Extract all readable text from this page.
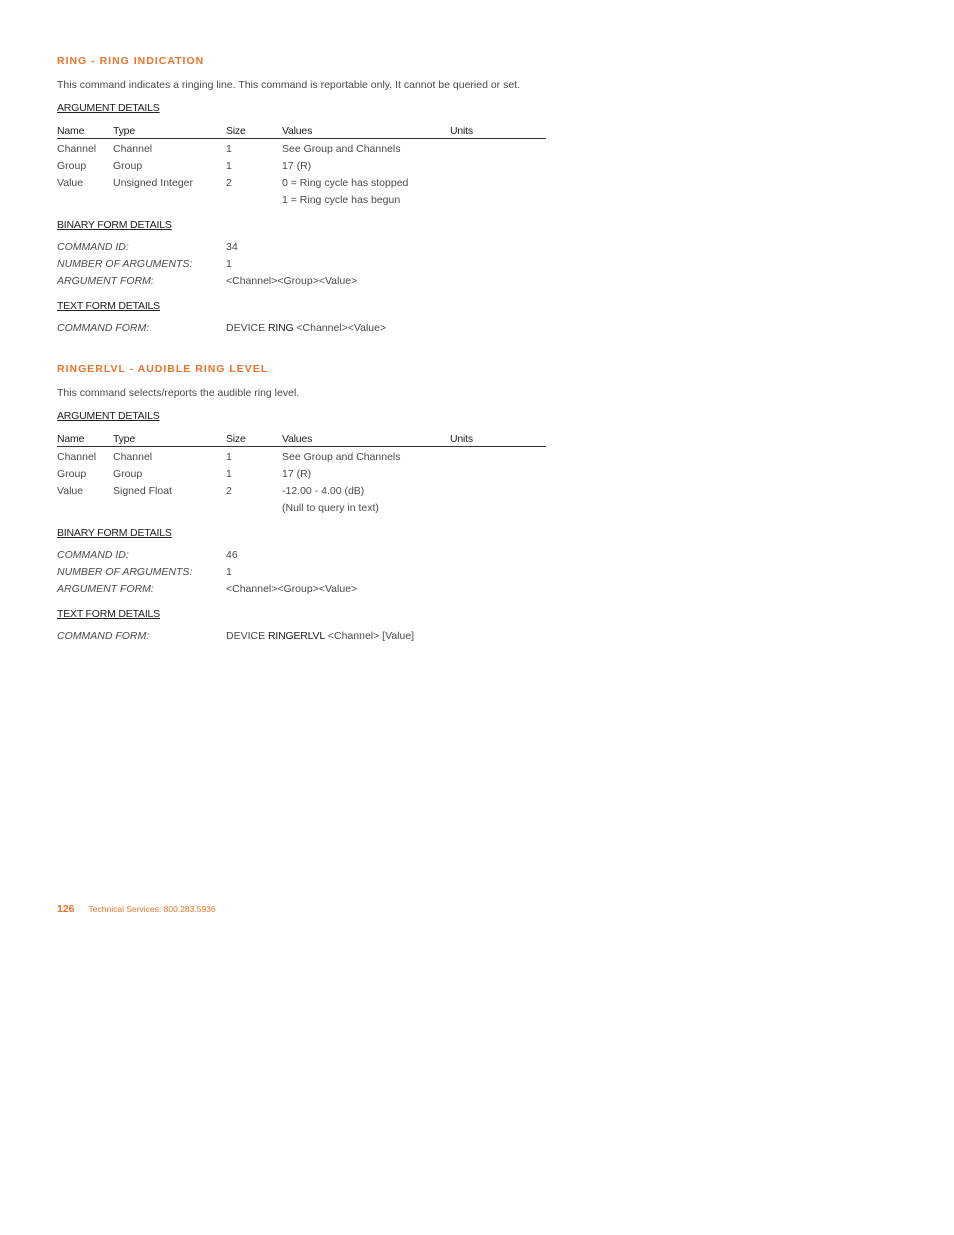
RING - RING INDICATION
This command indicates a ringing line. This command is reportable only. It cannot be queried or set.
ARGUMENT DETAILS
Name	Type	Size	Values	Units
Channel	Channel	1	See Group and Channels	
Group	Group	1	17 (R)	
Value	Unsigned Integer	2	0 = Ring cycle has stopped	
			1 = Ring cycle has begun	
BINARY FORM DETAILS
COMMAND ID:	34
NUMBER OF ARGUMENTS:	1
ARGUMENT FORM:	<Channel><Group><Value>
TEXT FORM DETAILS
COMMAND FORM:	DEVICE RING <Channel><Value>
RINGERLVL - AUDIBLE RING LEVEL
This command selects/reports the audible ring level.
ARGUMENT DETAILS
Name	Type	Size	Values	Units
Channel	Channel	1	See Group and Channels	
Group	Group	1	17 (R)	
Value	Signed Float	2	-12.00 - 4.00 (dB)	
			(Null to query in text)	
BINARY FORM DETAILS
COMMAND ID:	46
NUMBER OF ARGUMENTS:	1
ARGUMENT FORM:	<Channel><Group><Value>
TEXT FORM DETAILS
COMMAND FORM:	DEVICE RINGERLVL <Channel> [Value]
126 Technical Services: 800.283.5936
